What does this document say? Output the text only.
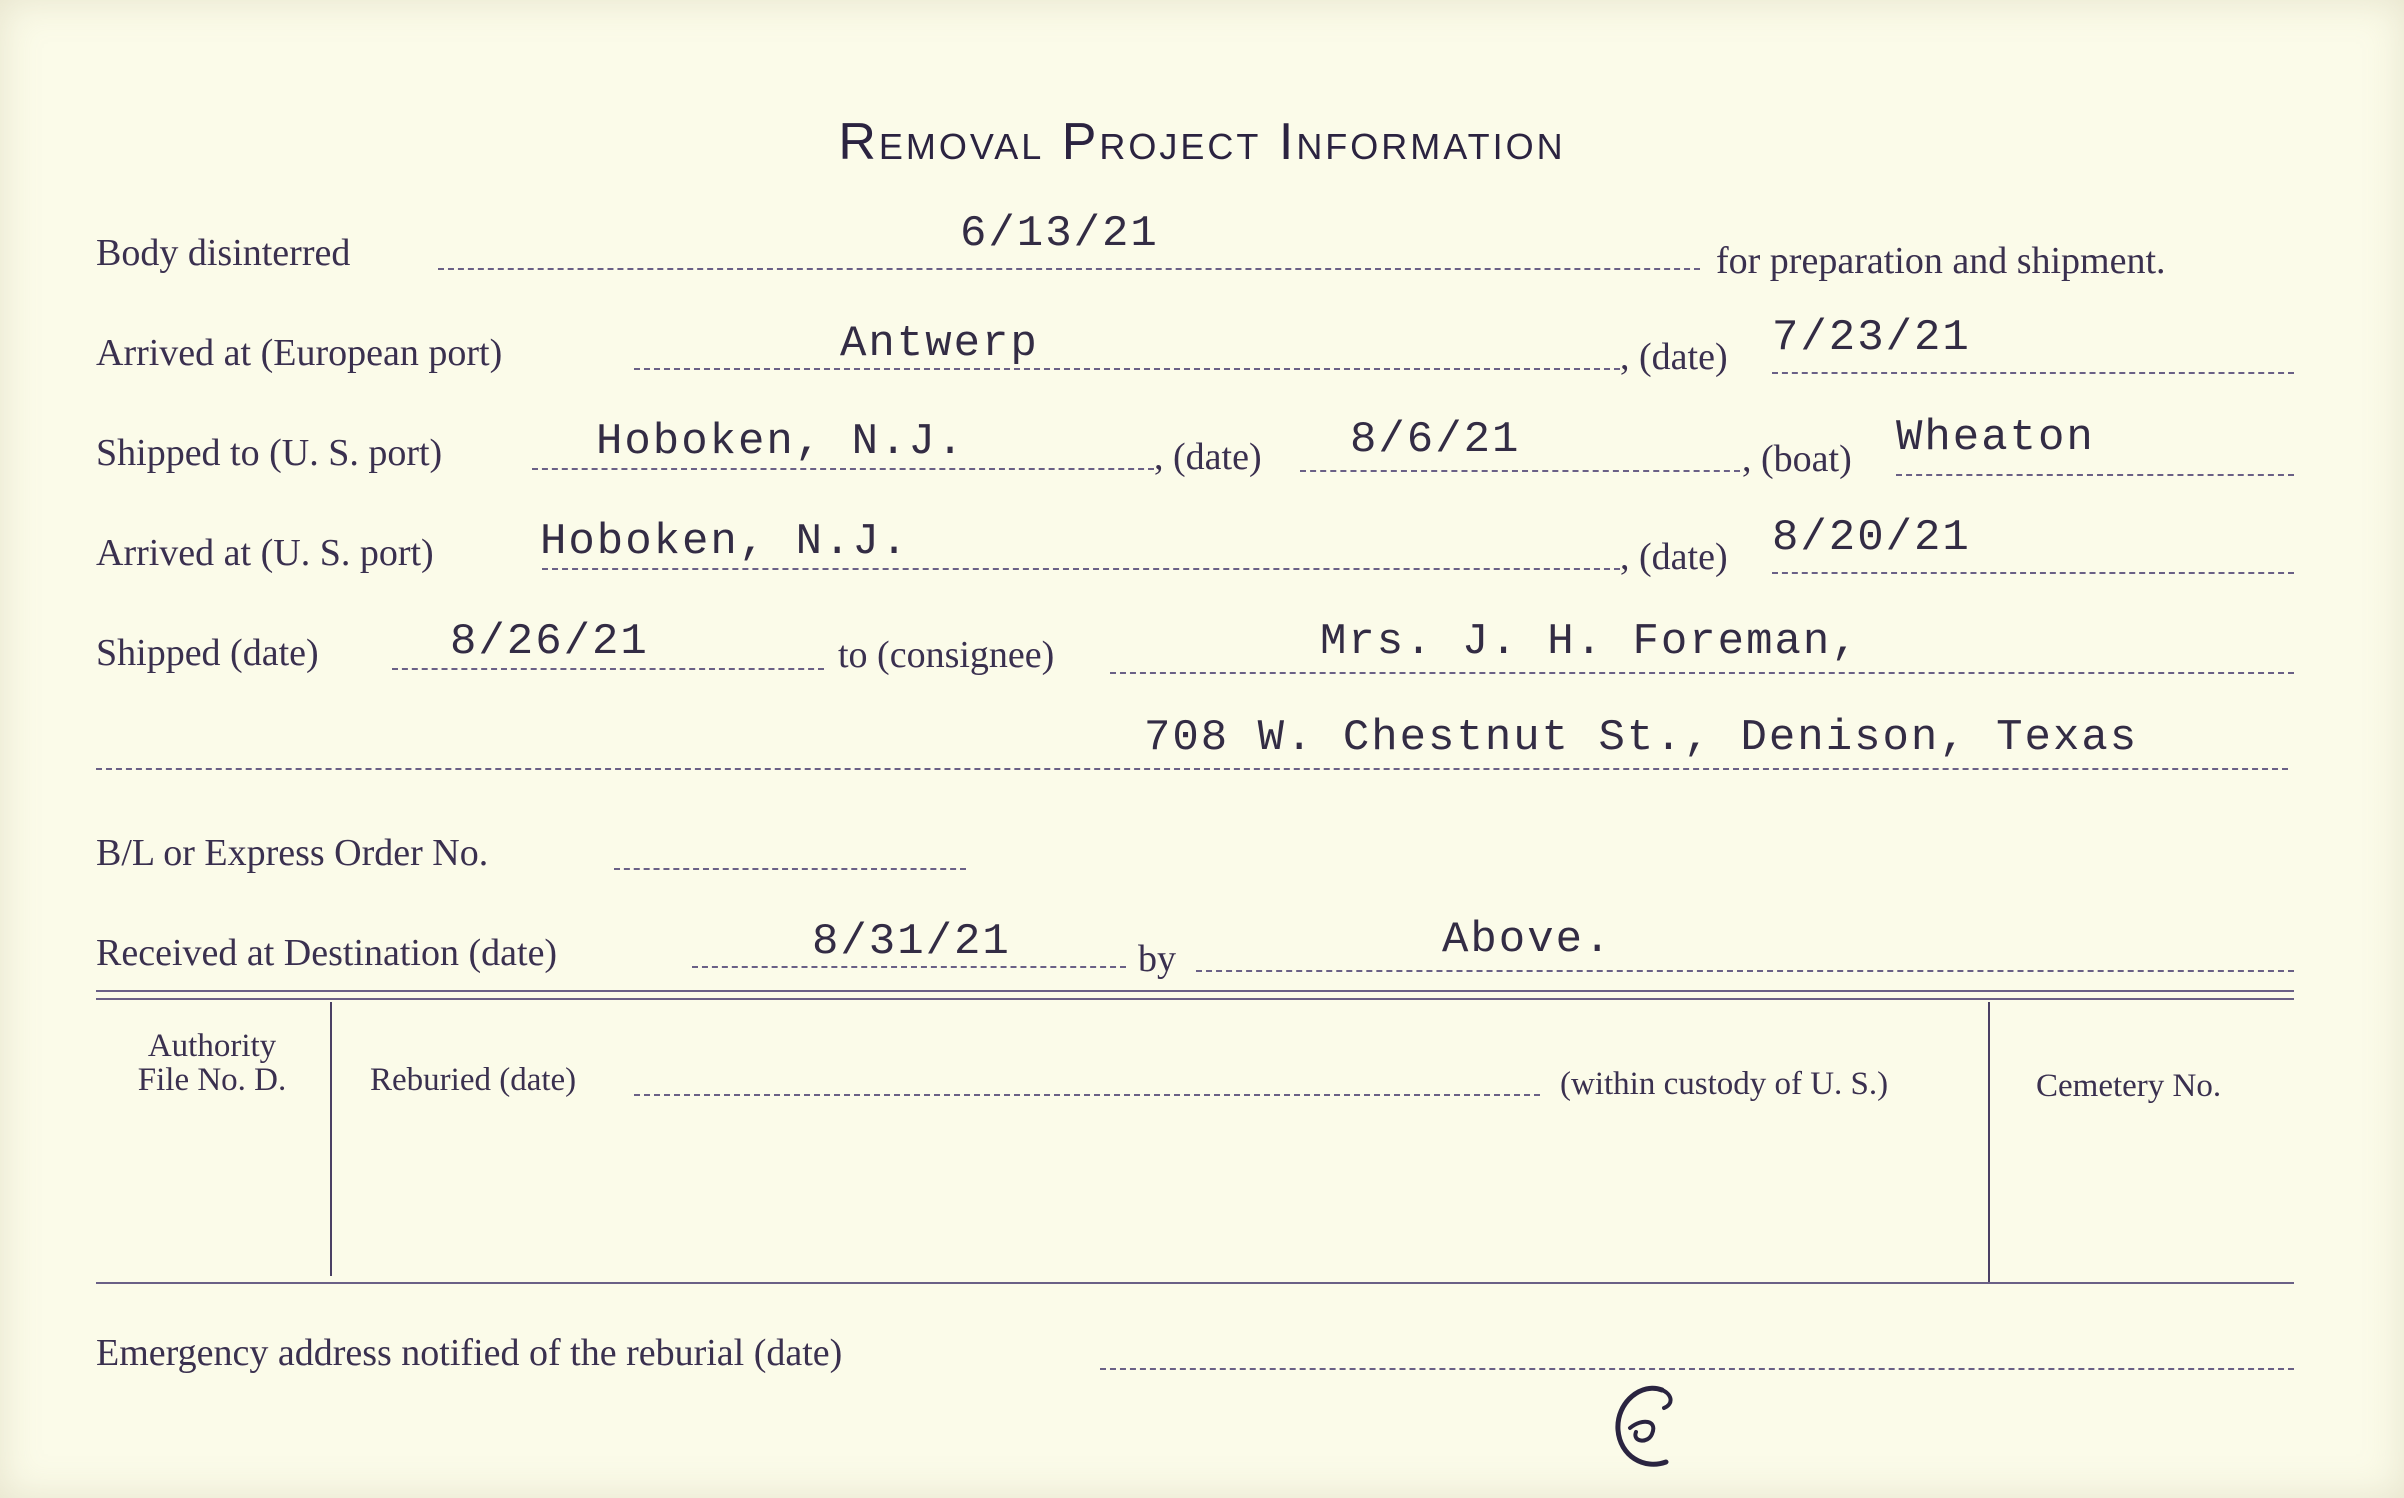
Removal Project Information
Body disinterred	6/13/21
for preparation and shipment.
Arrived at (European port)	Antwerp	, (date) 7/23/21
Shipped to (U. S. port)	Hoboken, N.J.	, (date) 8/6/21	, (boat) Wheaton
Arrived at (U. S. port) Hoboken, N.J.	, (date) 8/20/21
Shipped (date)	8/26/21	to (consignee)	Mrs. J. H. Foreman,
708 W. Chestnut St., Denison, Texas
B/L or Express Order No.
Received at Destination (date)	8/31/21	by	Above.
Authority
File No. D.	Reburied (date)	(within custody of U. S.)	Cemetery No.
Emergency address notified of the reburial (date)
